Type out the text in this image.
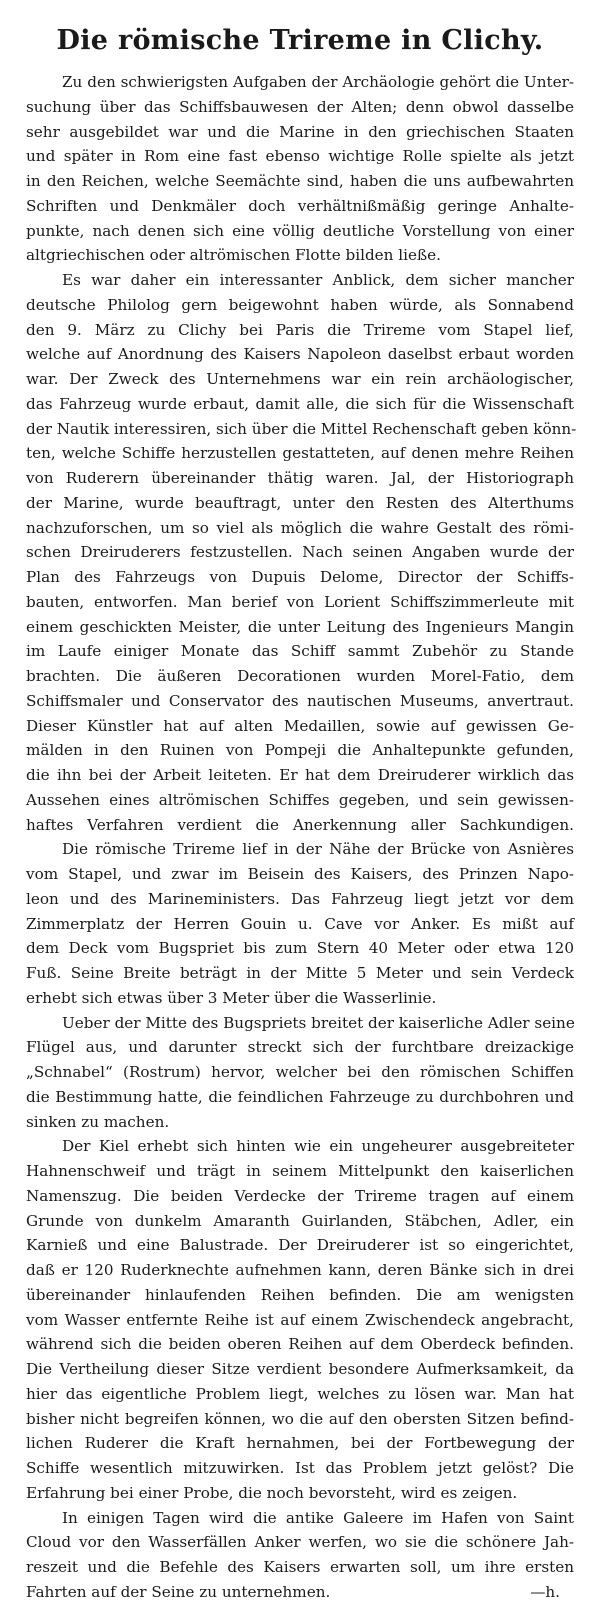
Die römische Trireme in Clichy.
Zu den schwierigsten Aufgaben der Archäologie gehört die Unter-
suchung über das Schiffsbauwesen der Alten; denn obwol dasselbe
sehr ausgebildet war und die Marine in den griechischen Staaten
und später in Rom eine fast ebenso wichtige Rolle spielte als jetzt
in den Reichen, welche Seemächte sind, haben die uns aufbewahrten
Schriften und Denkmäler doch verhältnißmäßig geringe Anhalte-
punkte, nach denen sich eine völlig deutliche Vorstellung von einer
altgriechischen oder altrömischen Flotte bilden ließe.
Es war daher ein interessanter Anblick, dem sicher mancher
deutsche Philolog gern beigewohnt haben würde, als Sonnabend
den 9. März zu Clichy bei Paris die Trireme vom Stapel lief,
welche auf Anordnung des Kaisers Napoleon daselbst erbaut worden
war. Der Zweck des Unternehmens war ein rein archäologischer,
das Fahrzeug wurde erbaut, damit alle, die sich für die Wissenschaft
der Nautik interessiren, sich über die Mittel Rechenschaft geben könn-
ten, welche Schiffe herzustellen gestatteten, auf denen mehre Reihen
von Ruderern übereinander thätig waren. Jal, der Historiograph
der Marine, wurde beauftragt, unter den Resten des Alterthums
nachzuforschen, um so viel als möglich die wahre Gestalt des römi-
schen Dreiruderers festzustellen. Nach seinen Angaben wurde der
Plan des Fahrzeugs von Dupuis Delome, Director der Schiffs-
bauten, entworfen. Man berief von Lorient Schiffszimmerleute mit
einem geschickten Meister, die unter Leitung des Ingenieurs Mangin
im Laufe einiger Monate das Schiff sammt Zubehör zu Stande
brachten. Die äußeren Decorationen wurden Morel-Fatio, dem
Schiffsmaler und Conservator des nautischen Museums, anvertraut.
Dieser Künstler hat auf alten Medaillen, sowie auf gewissen Ge-
mälden in den Ruinen von Pompeji die Anhaltepunkte gefunden,
die ihn bei der Arbeit leiteten. Er hat dem Dreiruderer wirklich das
Aussehen eines altrömischen Schiffes gegeben, und sein gewissen-
haftes Verfahren verdient die Anerkennung aller Sachkundigen.
Die römische Trireme lief in der Nähe der Brücke von Asnières
vom Stapel, und zwar im Beisein des Kaisers, des Prinzen Napo-
leon und des Marineministers. Das Fahrzeug liegt jetzt vor dem
Zimmerplatz der Herren Gouin u. Cave vor Anker. Es mißt auf
dem Deck vom Bugspriet bis zum Stern 40 Meter oder etwa 120
Fuß. Seine Breite beträgt in der Mitte 5 Meter und sein Verdeck
erhebt sich etwas über 3 Meter über die Wasserlinie.
Ueber der Mitte des Bugspriets breitet der kaiserliche Adler seine
Flügel aus, und darunter streckt sich der furchtbare dreizackige
„Schnabel“ (Rostrum) hervor, welcher bei den römischen Schiffen
die Bestimmung hatte, die feindlichen Fahrzeuge zu durchbohren und
sinken zu machen.
Der Kiel erhebt sich hinten wie ein ungeheurer ausgebreiteter
Hahnenschweif und trägt in seinem Mittelpunkt den kaiserlichen
Namenszug. Die beiden Verdecke der Trireme tragen auf einem
Grunde von dunkelm Amaranth Guirlanden, Stäbchen, Adler, ein
Karnieß und eine Balustrade. Der Dreiruderer ist so eingerichtet,
daß er 120 Ruderknechte aufnehmen kann, deren Bänke sich in drei
übereinander hinlaufenden Reihen befinden. Die am wenigsten
vom Wasser entfernte Reihe ist auf einem Zwischendeck angebracht,
während sich die beiden oberen Reihen auf dem Oberdeck befinden.
Die Vertheilung dieser Sitze verdient besondere Aufmerksamkeit, da
hier das eigentliche Problem liegt, welches zu lösen war. Man hat
bisher nicht begreifen können, wo die auf den obersten Sitzen befind-
lichen Ruderer die Kraft hernahmen, bei der Fortbewegung der
Schiffe wesentlich mitzuwirken. Ist das Problem jetzt gelöst? Die
Erfahrung bei einer Probe, die noch bevorsteht, wird es zeigen.
In einigen Tagen wird die antike Galeere im Hafen von Saint
Cloud vor den Wasserfällen Anker werfen, wo sie die schönere Jah-
reszeit und die Befehle des Kaisers erwarten soll, um ihre ersten
Fahrten auf der Seine zu unternehmen.	—h.
